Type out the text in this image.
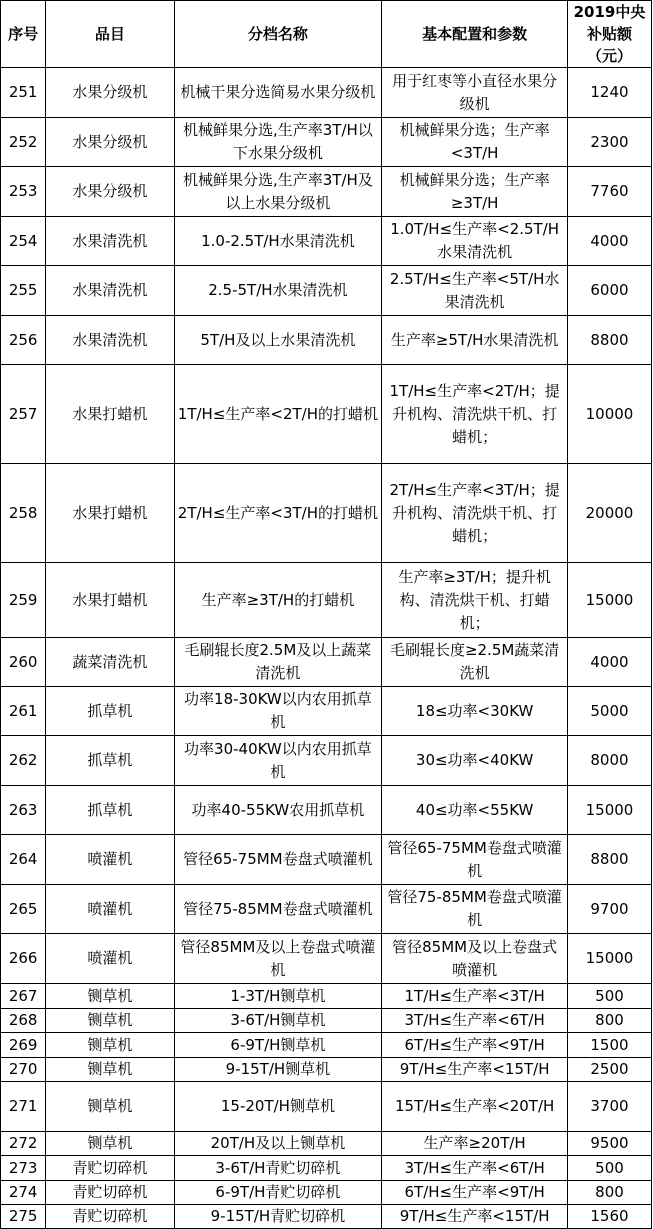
序号	品目	分档名称	基本配置和参数	2019中央补贴额（元）
251	水果分级机	机械干果分选简易水果分级机	用于红枣等小直径水果分级机	1240
252	水果分级机	机械鲜果分选,生产率3T/H以下水果分级机	机械鲜果分选；生产率<3T/H	2300
253	水果分级机	机械鲜果分选,生产率3T/H及以上水果分级机	机械鲜果分选；生产率≥3T/H	7760
254	水果清洗机	1.0-2.5T/H水果清洗机	1.0T/H≤生产率<2.5T/H水果清洗机	4000
255	水果清洗机	2.5-5T/H水果清洗机	2.5T/H≤生产率<5T/H水果清洗机	6000
256	水果清洗机	5T/H及以上水果清洗机	生产率≥5T/H水果清洗机	8800
257	水果打蜡机	1T/H≤生产率<2T/H的打蜡机	1T/H≤生产率<2T/H；提升机构、清洗烘干机、打蜡机；	10000
258	水果打蜡机	2T/H≤生产率<3T/H的打蜡机	2T/H≤生产率<3T/H；提升机构、清洗烘干机、打蜡机；	20000
259	水果打蜡机	生产率≥3T/H的打蜡机	生产率≥3T/H；提升机构、清洗烘干机、打蜡机；	15000
260	蔬菜清洗机	毛刷辊长度2.5M及以上蔬菜清洗机	毛刷辊长度≥2.5M蔬菜清洗机	4000
261	抓草机	功率18-30KW以内农用抓草机	18≤功率<30KW	5000
262	抓草机	功率30-40KW以内农用抓草机	30≤功率<40KW	8000
263	抓草机	功率40-55KW农用抓草机	40≤功率<55KW	15000
264	喷灌机	管径65-75MM卷盘式喷灌机	管径65-75MM卷盘式喷灌机	8800
265	喷灌机	管径75-85MM卷盘式喷灌机	管径75-85MM卷盘式喷灌机	9700
266	喷灌机	管径85MM及以上卷盘式喷灌机	管径85MM及以上卷盘式喷灌机	15000
267	铡草机	1-3T/H铡草机	1T/H≤生产率<3T/H	500
268	铡草机	3-6T/H铡草机	3T/H≤生产率<6T/H	800
269	铡草机	6-9T/H铡草机	6T/H≤生产率<9T/H	1500
270	铡草机	9-15T/H铡草机	9T/H≤生产率<15T/H	2500
271	铡草机	15-20T/H铡草机	15T/H≤生产率<20T/H	3700
272	铡草机	20T/H及以上铡草机	生产率≥20T/H	9500
273	青贮切碎机	3-6T/H青贮切碎机	3T/H≤生产率<6T/H	500
274	青贮切碎机	6-9T/H青贮切碎机	6T/H≤生产率<9T/H	800
275	青贮切碎机	9-15T/H青贮切碎机	9T/H≤生产率<15T/H	1560
